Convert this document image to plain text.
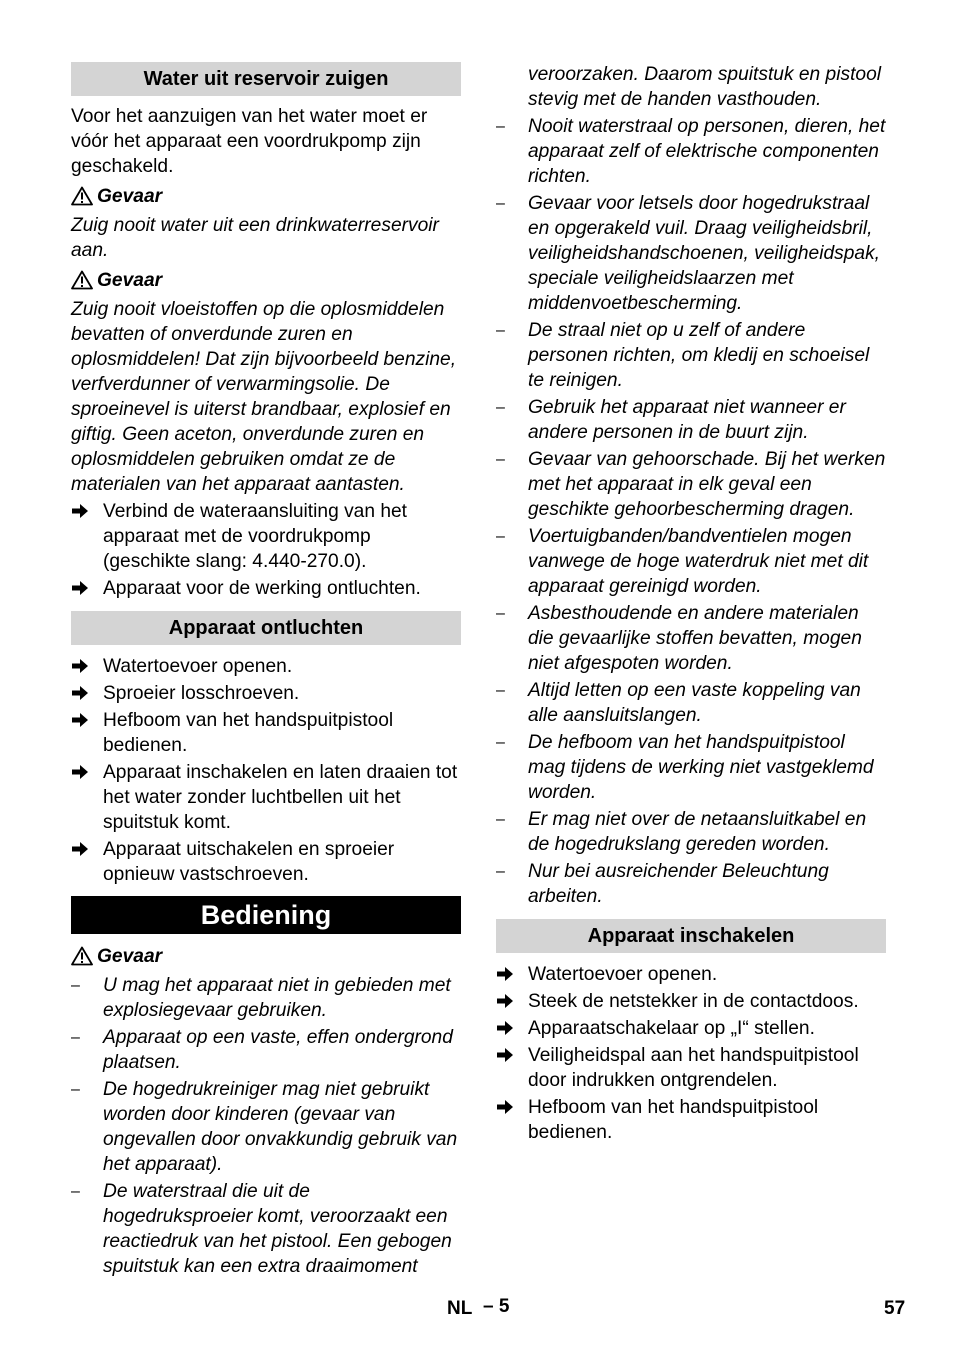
Water uit reservoir zuigen

Voor het aanzuigen van het water moet er vóór het apparaat een voordrukpomp zijn geschakeld.

Gevaar

Zuig nooit water uit een drinkwaterreservoir aan.

Gevaar

Zuig nooit vloeistoffen op die oplosmiddelen bevatten of onverdunde zuren en oplosmiddelen! Dat zijn bijvoorbeeld benzine, verfverdunner of verwarmingsolie. De sproeinevel is uiterst brandbaar, explosief en giftig. Geen aceton, onverdunde zuren en oplosmiddelen gebruiken omdat ze de materialen van het apparaat aantasten.

Verbind de wateraansluiting van het apparaat met de voordrukpomp (geschikte slang: 4.440-270.0).
Apparaat voor de werking ontluchten.
Apparaat ontluchten
Watertoevoer openen.
Sproeier losschroeven.
Hefboom van het handspuitpistool bedienen.
Apparaat inschakelen en laten draaien tot het water zonder luchtbellen uit het spuitstuk komt.
Apparaat uitschakelen en sproeier opnieuw vastschroeven.
Bediening
Gevaar
–	U mag het apparaat niet in gebieden met explosiegevaar gebruiken.
–	Apparaat op een vaste, effen ondergrond plaatsen.
–	De hogedrukreiniger mag niet gebruikt worden door kinderen (gevaar van ongevallen door onvakkundig gebruik van het apparaat).
–	De waterstraal die uit de hogedruksproeier komt, veroorzaakt een reactiedruk van het pistool. Een gebogen spuitstuk kan een extra draaimoment
veroorzaken. Daarom spuitstuk en pistool stevig met de handen vasthouden.
–	Nooit waterstraal op personen, dieren, het apparaat zelf of elektrische componenten richten.
–	Gevaar voor letsels door hogedrukstraal en opgerakeld vuil. Draag veiligheidsbril, veiligheidshandschoenen, veiligheidspak, speciale veiligheidslaarzen met middenvoetbescherming.
–	De straal niet op u zelf of andere personen richten, om kledij en schoeisel te reinigen.
–	Gebruik het apparaat niet wanneer er andere personen in de buurt zijn.
–	Gevaar van gehoorschade. Bij het werken met het apparaat in elk geval een geschikte gehoorbescherming dragen.
–	Voertuigbanden/bandventielen mogen vanwege de hoge waterdruk niet met dit apparaat gereinigd worden.
–	Asbesthoudende en andere materialen die gevaarlijke stoffen bevatten, mogen niet afgespoten worden.
–	Altijd letten op een vaste koppeling van alle aansluitslangen.
–	De hefboom van het handspuitpistool mag tijdens de werking niet vastgeklemd worden.
–	Er mag niet over de netaansluitkabel en de hogedrukslang gereden worden.
–	Nur bei ausreichender Beleuchtung arbeiten.
Apparaat inschakelen
Watertoevoer openen.
Steek de netstekker in de contactdoos.
Apparaatschakelaar op „I“ stellen.
Veiligheidspal aan het handspuitpistool door indrukken ontgrendelen.
Hefboom van het handspuitpistool bedienen.
NL – 5	57
